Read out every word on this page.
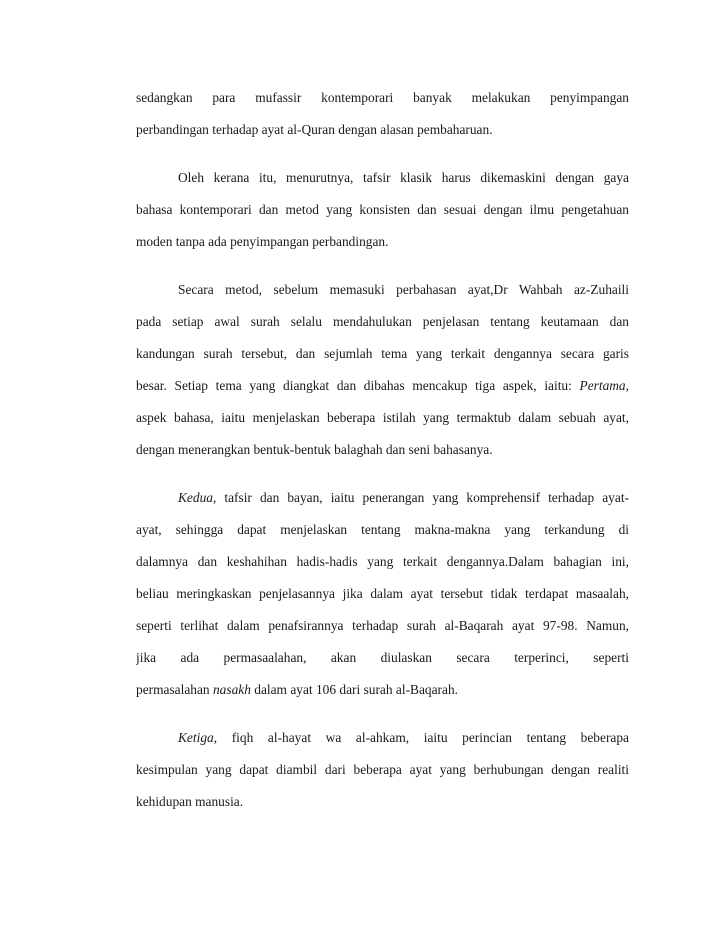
sedangkan para mufassir kontemporari banyak melakukan penyimpangan
perbandingan terhadap ayat al-Quran dengan alasan pembaharuan.
Oleh kerana itu, menurutnya, tafsir klasik harus dikemaskini dengan gaya
bahasa kontemporari dan metod yang konsisten dan sesuai dengan ilmu pengetahuan
moden tanpa ada penyimpangan perbandingan.
Secara metod, sebelum memasuki perbahasan ayat,Dr Wahbah az-Zuhaili
pada setiap awal surah selalu mendahulukan penjelasan tentang keutamaan dan
kandungan surah tersebut, dan sejumlah tema yang terkait dengannya secara garis
besar. Setiap tema yang diangkat dan dibahas mencakup tiga aspek, iaitu: Pertama,
aspek bahasa, iaitu menjelaskan beberapa istilah yang termaktub dalam sebuah ayat,
dengan menerangkan bentuk-bentuk balaghah dan seni bahasanya.
Kedua, tafsir dan bayan, iaitu penerangan yang komprehensif terhadap ayat-
ayat, sehingga dapat menjelaskan tentang makna-makna yang terkandung di
dalamnya dan keshahihan hadis-hadis yang terkait dengannya.Dalam bahagian ini,
beliau meringkaskan penjelasannya jika dalam ayat tersebut tidak terdapat masaalah,
seperti terlihat dalam penafsirannya terhadap surah al-Baqarah ayat 97-98. Namun,
jika ada permasaalahan, akan diulaskan secara terperinci, seperti
permasalahan nasakh dalam ayat 106 dari surah al-Baqarah.
Ketiga, fiqh al-hayat wa al-ahkam, iaitu perincian tentang beberapa
kesimpulan yang dapat diambil dari beberapa ayat yang berhubungan dengan realiti
kehidupan manusia.
